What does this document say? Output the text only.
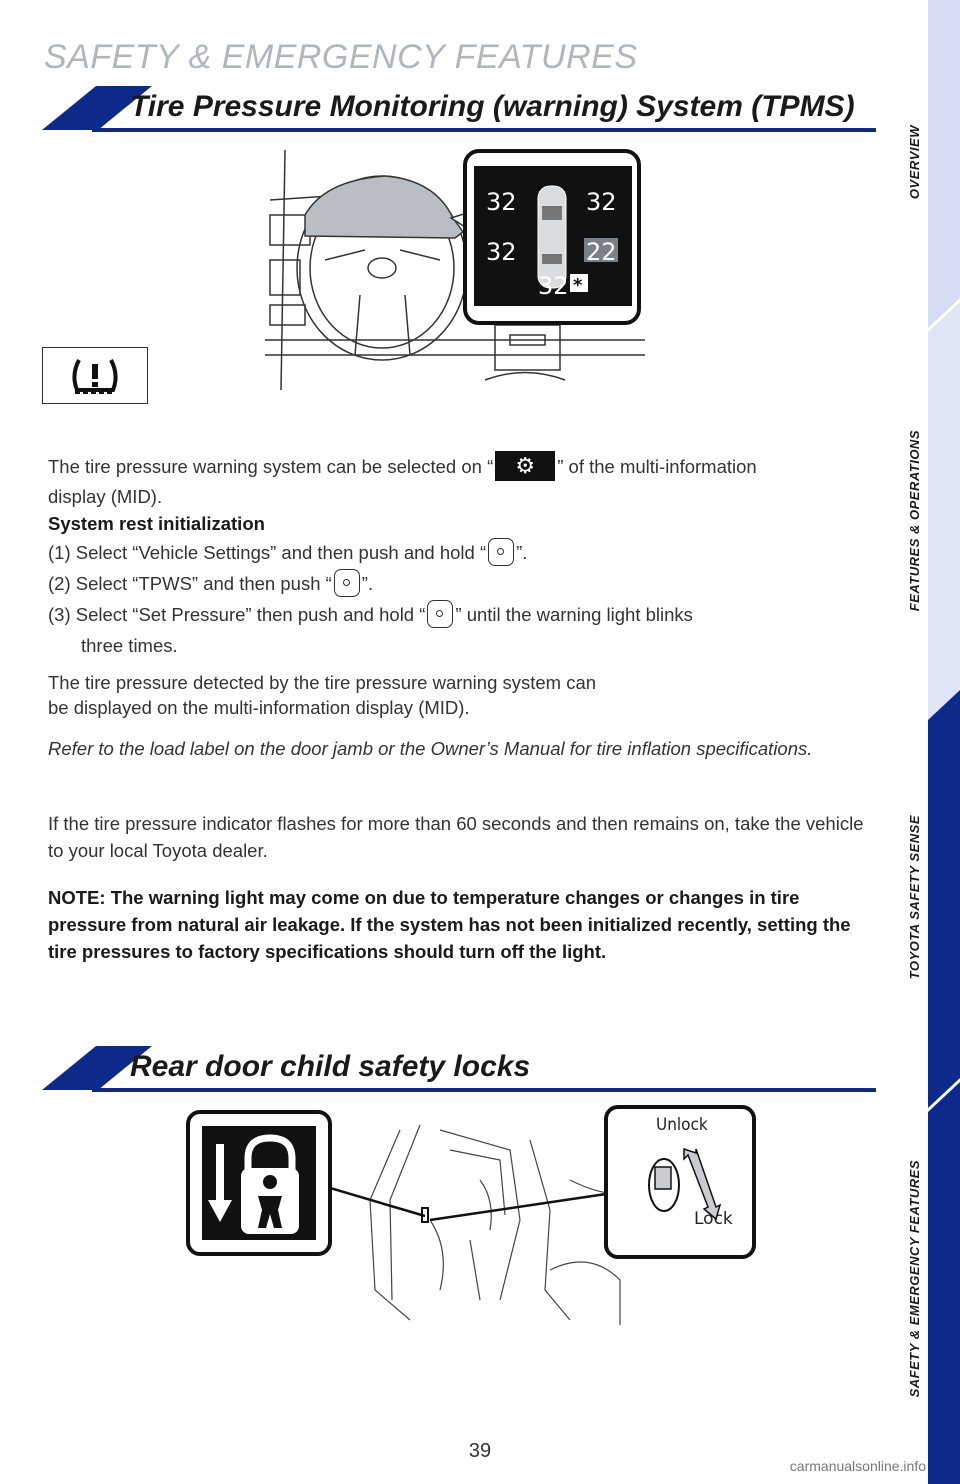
OVERVIEW
FEATURES & OPERATIONS
TOYOTA SAFETY SENSE
SAFETY & EMERGENCY FEATURES
SAFETY & EMERGENCY FEATURES
Tire Pressure Monitoring (warning) System (TPMS)
32	32
32	22
32 *

The tire pressure warning system can be selected on “ ⚙ ” of the multi-information display (MID).

System rest initialization

(1) Select “Vehicle Settings” and then push and hold “ ”.

(2) Select “TPWS” and then push “ ”.

(3) Select “Set Pressure” then push and hold “ ” until the warning light blinks

three times.

The tire pressure detected by the tire pressure warning system can

be displayed on the multi-information display (MID).

Refer to the load label on the door jamb or the Owner’s Manual for tire inflation specifications.

If the tire pressure indicator flashes for more than 60 seconds and then remains on, take the vehicle to your local Toyota dealer.

NOTE: The warning light may come on due to temperature changes or changes in tire pressure from natural air leakage. If the system has not been initialized recently, setting the tire pressures to factory specifications should turn off the light.

Rear door child safety locks
Unlock
Lock
39
carmanualsonline.info
